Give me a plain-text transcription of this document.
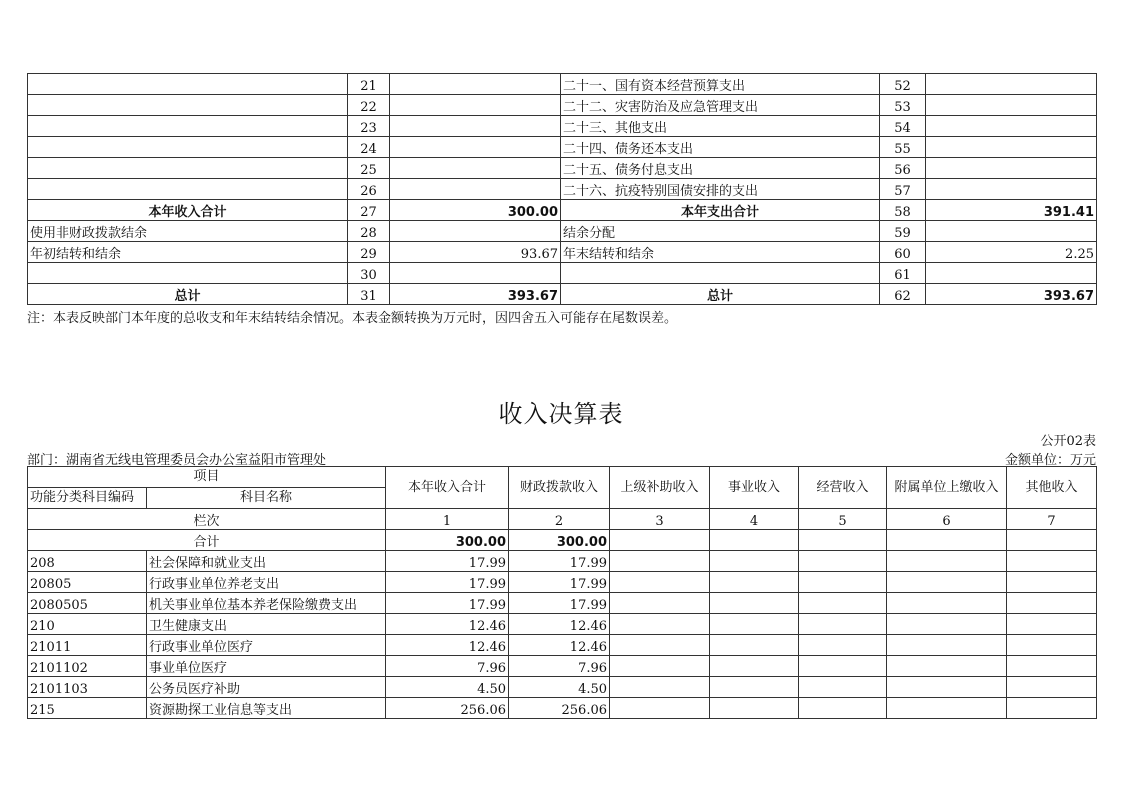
	21		二十一、国有资本经营预算支出	52	
	22		二十二、灾害防治及应急管理支出	53	
	23		二十三、其他支出	54	
	24		二十四、债务还本支出	55	
	25		二十五、债务付息支出	56	
	26		二十六、抗疫特别国债安排的支出	57	
本年收入合计	27	300.00	本年支出合计	58	391.41
使用非财政拨款结余	28		结余分配	59	
年初结转和结余	29	93.67	年末结转和结余	60	2.25
	30			61	
总计	31	393.67	总计	62	393.67
注：本表反映部门本年度的总收支和年末结转结余情况。本表金额转换为万元时，因四舍五入可能存在尾数误差。
收入决算表
公开02表
部门：湖南省无线电管理委员会办公室益阳市管理处	金额单位：万元
项目		本年收入合计	财政拨款收入	上级补助收入	事业收入	经营收入	附属单位上缴收入	其他收入
功能分类科目编码	科目名称							
栏次		1	2	3	4	5	6	7
合计		300.00	300.00					
208	社会保障和就业支出	17.99	17.99					
20805	行政事业单位养老支出	17.99	17.99					
2080505	机关事业单位基本养老保险缴费支出	17.99	17.99					
210	卫生健康支出	12.46	12.46					
21011	行政事业单位医疗	12.46	12.46					
2101102	事业单位医疗	7.96	7.96					
2101103	公务员医疗补助	4.50	4.50					
215	资源勘探工业信息等支出	256.06	256.06					
